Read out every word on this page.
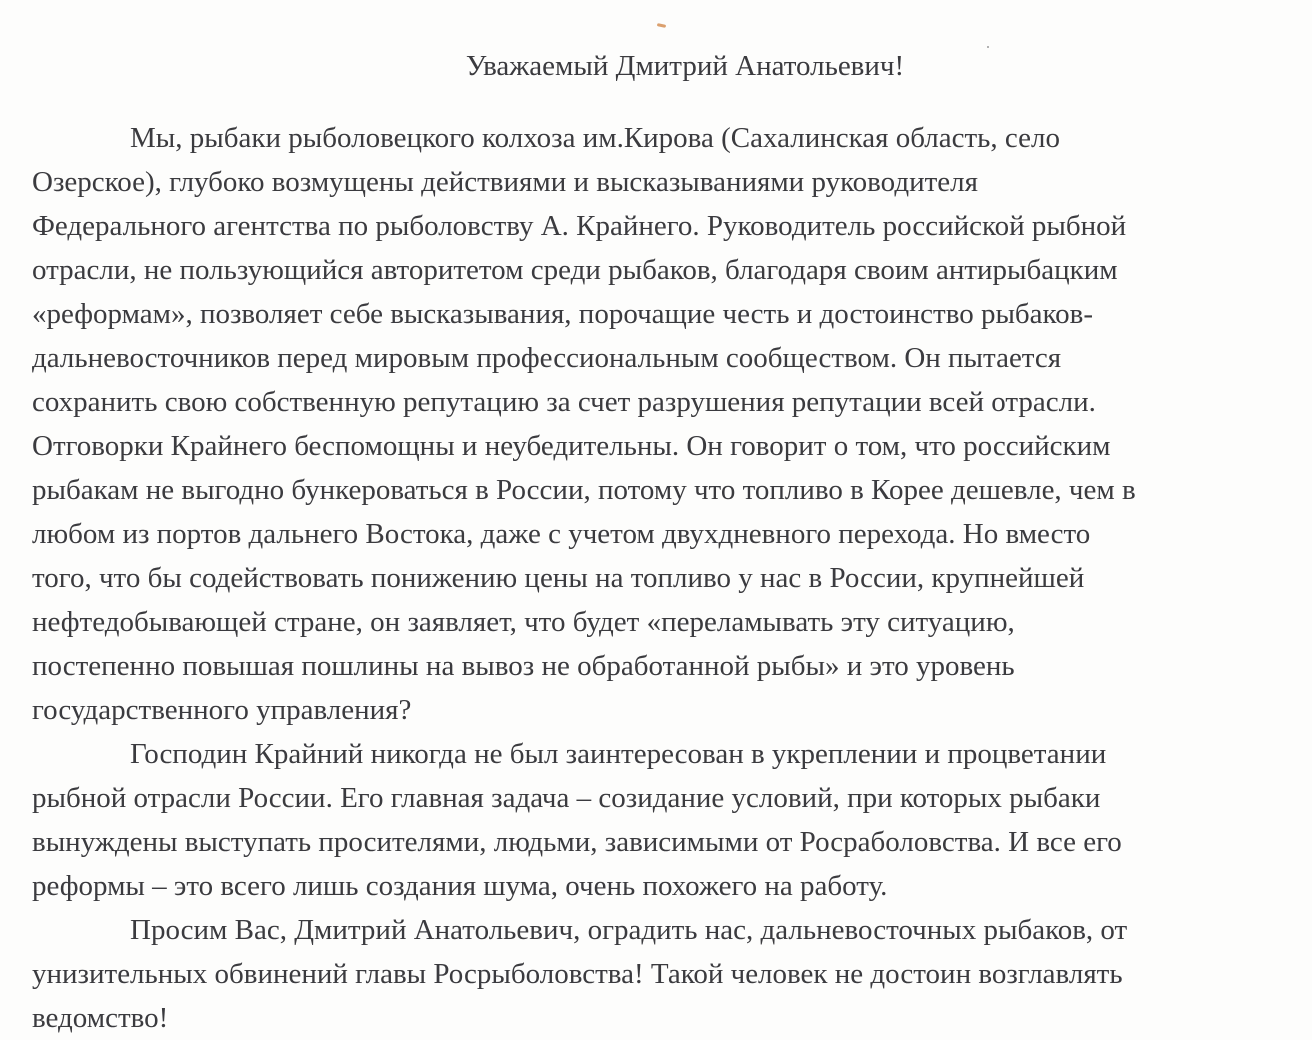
Уважаемый Дмитрий Анатольевич!
Мы, рыбаки рыболовецкого колхоза им.Кирова (Сахалинская область, село
Озерское), глубоко возмущены действиями и высказываниями руководителя
Федерального агентства по рыболовству А. Крайнего. Руководитель российской рыбной
отрасли, не пользующийся авторитетом среди рыбаков, благодаря своим антирыбацким
«реформам», позволяет себе высказывания, порочащие честь и достоинство рыбаков-
дальневосточников перед мировым профессиональным сообществом. Он пытается
сохранить свою собственную репутацию за счет разрушения репутации всей отрасли.
Отговорки Крайнего беспомощны и неубедительны. Он говорит о том, что российским
рыбакам не выгодно бункероваться в России, потому что топливо в Корее дешевле, чем в
любом из портов дальнего Востока, даже с учетом двухдневного перехода. Но вместо
того, что бы содействовать понижению цены на топливо у нас в России, крупнейшей
нефтедобывающей стране, он заявляет, что будет «переламывать эту ситуацию,
постепенно повышая пошлины на вывоз не обработанной рыбы» и это уровень
государственного управления?
Господин Крайний никогда не был заинтересован в укреплении и процветании
рыбной отрасли России. Его главная задача – созидание условий, при которых рыбаки
вынуждены выступать просителями, людьми, зависимыми от Росраболовства. И все его
реформы – это всего лишь создания шума, очень похожего на работу.
Просим Вас, Дмитрий Анатольевич, оградить нас, дальневосточных рыбаков, от
унизительных обвинений главы Росрыболовства! Такой человек не достоин возглавлять
ведомство!
